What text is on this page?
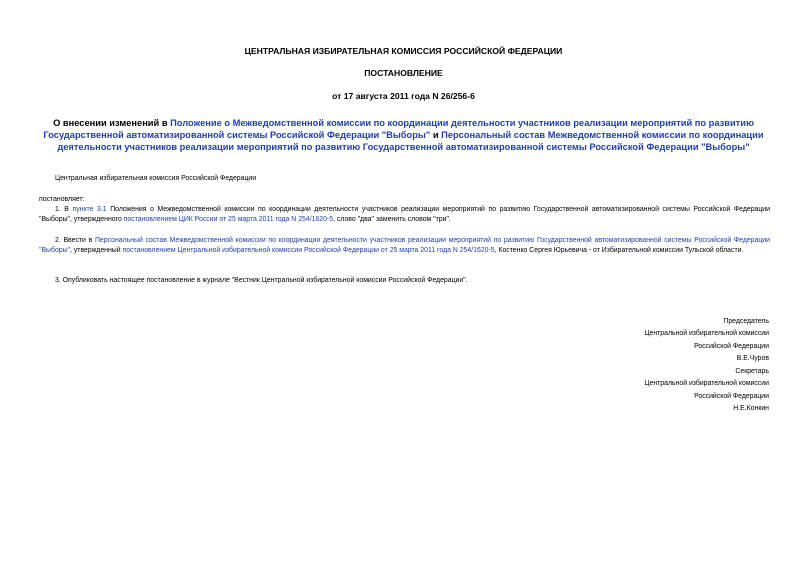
ЦЕНТРАЛЬНАЯ ИЗБИРАТЕЛЬНАЯ КОМИССИЯ РОССИЙСКОЙ ФЕДЕРАЦИИ
ПОСТАНОВЛЕНИЕ
от 17 августа 2011 года N 26/256-6
О внесении изменений в Положение о Межведомственной комиссии по координации деятельности участников реализации мероприятий по развитию Государственной автоматизированной системы Российской Федерации "Выборы" и Персональный состав Межведомственной комиссии по координации деятельности участников реализации мероприятий по развитию Государственной автоматизированной системы Российской Федерации "Выборы"
Центральная избирательная комиссия Российской Федерации
постановляет:
1. В пункте 3.1 Положения о Межведомственной комиссии по координации деятельности участников реализации мероприятий по развитию Государственной автоматизированной системы Российской Федерации "Выборы", утвержденного постановлением ЦИК России от 25 марта 2011 года N 254/1620-5, слово "два" заменить словом "три".
2. Ввести в Персональный состав Межведомственной комиссии по координации деятельности участников реализации мероприятий по развитию Государственной автоматизированной системы Российской Федерации "Выборы", утвержденный постановлением Центральной избирательной комиссии Российской Федерации от 25 марта 2011 года N 254/1620-5, Костенко Сергея Юрьевича - от Избирательной комиссии Тульской области.
3. Опубликовать настоящее постановление в журнале "Вестник Центральной избирательной комиссии Российской Федерации".
Председатель
Центральной избирательной комиссии
Российской Федерации
В.Е.Чуров
Секретарь
Центральной избирательной комиссии
Российской Федерации
Н.Е.Конкин
